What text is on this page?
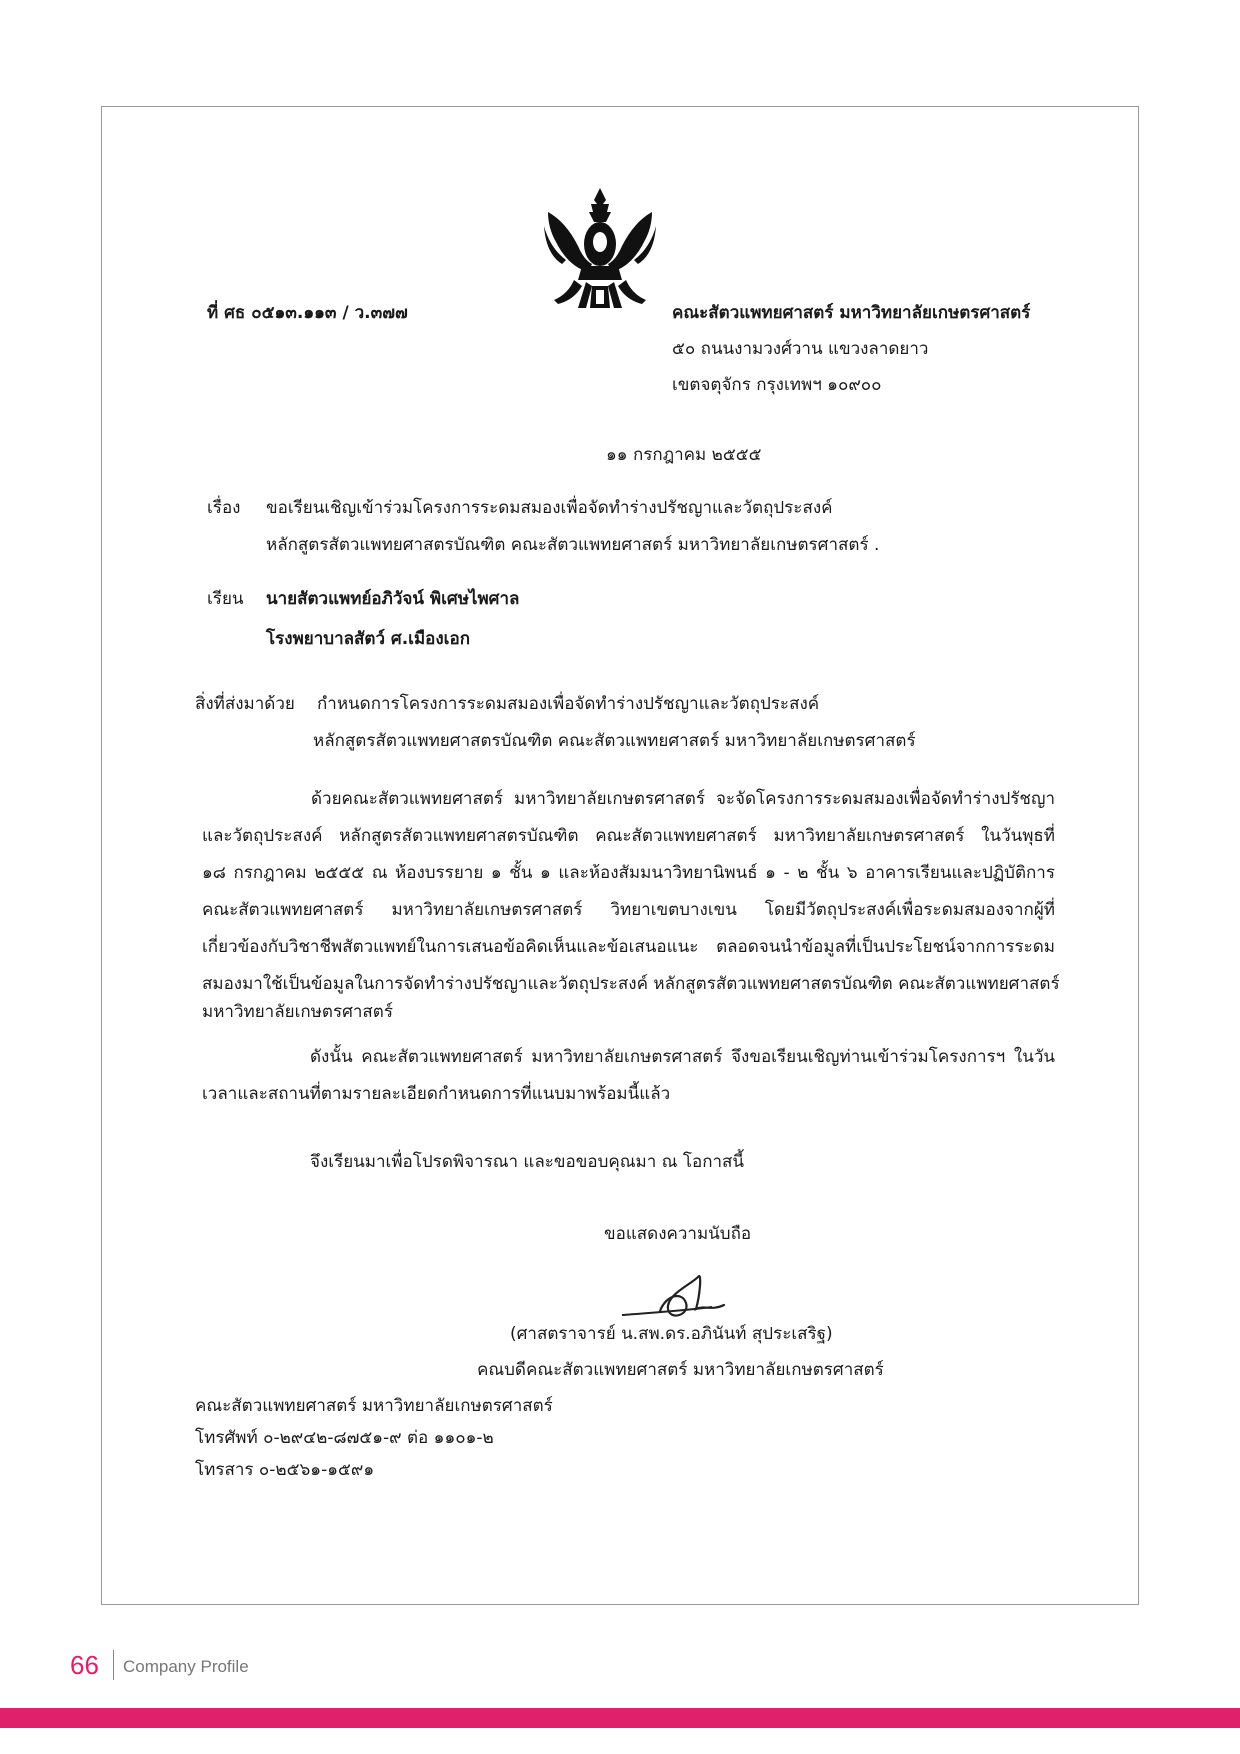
ที่ ศธ ๐๕๑๓.๑๑๓ / ว.๓๗๗	คณะสัตวแพทยศาสตร์ มหาวิทยาลัยเกษตรศาสตร์
๕๐ ถนนงามวงศ์วาน แขวงลาดยาว
เขตจตุจักร กรุงเทพฯ ๑๐๙๐๐
๑๑ กรกฎาคม ๒๕๕๕
เรื่อง ขอเรียนเชิญเข้าร่วมโครงการระดมสมองเพื่อจัดทำร่างปรัชญาและวัตถุประสงค์
หลักสูตรสัตวแพทยศาสตรบัณฑิต คณะสัตวแพทยศาสตร์ มหาวิทยาลัยเกษตรศาสตร์ .
เรียน นายสัตวแพทย์อภิวัจน์ พิเศษไพศาล
โรงพยาบาลสัตว์ ศ.เมืองเอก
สิ่งที่ส่งมาด้วย กำหนดการโครงการระดมสมองเพื่อจัดทำร่างปรัชญาและวัตถุประสงค์
หลักสูตรสัตวแพทยศาสตรบัณฑิต คณะสัตวแพทยศาสตร์ มหาวิทยาลัยเกษตรศาสตร์
ด้วยคณะสัตวแพทยศาสตร์ มหาวิทยาลัยเกษตรศาสตร์ จะจัดโครงการระดมสมองเพื่อจัดทำร่างปรัชญา
และวัตถุประสงค์ หลักสูตรสัตวแพทยศาสตรบัณฑิต คณะสัตวแพทยศาสตร์ มหาวิทยาลัยเกษตรศาสตร์ ในวันพุธที่
๑๘ กรกฎาคม ๒๕๕๕ ณ ห้องบรรยาย ๑ ชั้น ๑ และห้องสัมมนาวิทยานิพนธ์ ๑ - ๒ ชั้น ๖ อาคารเรียนและปฏิบัติการ
คณะสัตวแพทยศาสตร์ มหาวิทยาลัยเกษตรศาสตร์ วิทยาเขตบางเขน โดยมีวัตถุประสงค์เพื่อระดมสมองจากผู้ที่
เกี่ยวข้องกับวิชาชีพสัตวแพทย์ในการเสนอข้อคิดเห็นและข้อเสนอแนะ ตลอดจนนำข้อมูลที่เป็นประโยชน์จากการระดม
สมองมาใช้เป็นข้อมูลในการจัดทำร่างปรัชญาและวัตถุประสงค์ หลักสูตรสัตวแพทยศาสตรบัณฑิต คณะสัตวแพทยศาสตร์
มหาวิทยาลัยเกษตรศาสตร์
ดังนั้น คณะสัตวแพทยศาสตร์ มหาวิทยาลัยเกษตรศาสตร์ จึงขอเรียนเชิญท่านเข้าร่วมโครงการฯ ในวัน
เวลาและสถานที่ตามรายละเอียดกำหนดการที่แนบมาพร้อมนี้แล้ว
จึงเรียนมาเพื่อโปรดพิจารณา และขอขอบคุณมา ณ โอกาสนี้
ขอแสดงความนับถือ
(ศาสตราจารย์ น.สพ.ดร.อภินันท์ สุประเสริฐ)
คณบดีคณะสัตวแพทยศาสตร์ มหาวิทยาลัยเกษตรศาสตร์
คณะสัตวแพทยศาสตร์ มหาวิทยาลัยเกษตรศาสตร์
โทรศัพท์ ๐-๒๙๔๒-๘๗๕๑-๙ ต่อ ๑๑๐๑-๒
โทรสาร ๐-๒๕๖๑-๑๕๙๑
66 Company Profile
